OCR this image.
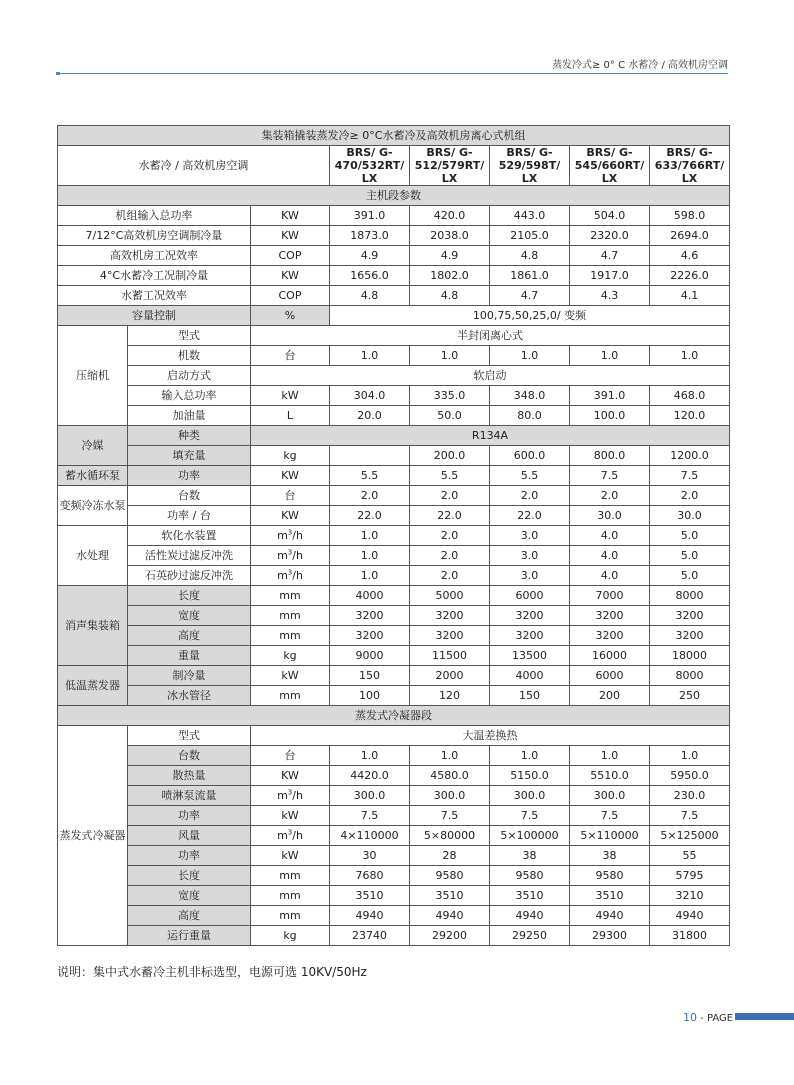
蒸发冷式≥ 0° C 水蓄冷 / 高效机房空调
集装箱撬装蒸发冷≥ 0°C水蓄冷及高效机房离心式机组							
水蓄冷 / 高效机房空调			BRS/ G-470/532RT/ LX	BRS/ G-512/579RT/ LX	BRS/ G-529/598T/ LX	BRS/ G-545/660RT/ LX	BRS/ G-633/766RT/ LX
主机段参数							
机组输入总功率		KW	391.0	420.0	443.0	504.0	598.0
7/12°C高效机房空调制冷量		KW	1873.0	2038.0	2105.0	2320.0	2694.0
高效机房工况效率		COP	4.9	4.9	4.8	4.7	4.6
4°C水蓄冷工况制冷量		KW	1656.0	1802.0	1861.0	1917.0	2226.0
水蓄工况效率		COP	4.8	4.8	4.7	4.3	4.1
容量控制		%	100,75,50,25,0/ 变频				
压缩机	型式	半封闭离心式					
	机数	台	1.0	1.0	1.0	1.0	1.0
	启动方式	软启动					
	输入总功率	kW	304.0	335.0	348.0	391.0	468.0
	加油量	L	20.0	50.0	80.0	100.0	120.0
冷媒	种类	R134A					
	填充量	kg		200.0	600.0	800.0	1200.0
蓄水循环泵	功率	KW	5.5	5.5	5.5	7.5	7.5
变频冷冻水泵	台数	台	2.0	2.0	2.0	2.0	2.0
	功率 / 台	KW	22.0	22.0	22.0	30.0	30.0
水处理	软化水装置	$m^3/h$	1.0	2.0	3.0	4.0	5.0
	活性炭过滤反冲洗	$m^3/h$	1.0	2.0	3.0	4.0	5.0
	石英砂过滤反冲洗	$m^3/h$	1.0	2.0	3.0	4.0	5.0
消声集装箱	长度	mm	4000	5000	6000	7000	8000
	宽度	mm	3200	3200	3200	3200	3200
	高度	mm	3200	3200	3200	3200	3200
	重量	kg	9000	11500	13500	16000	18000
低温蒸发器	制冷量	kW	150	2000	4000	6000	8000
	冰水管径	mm	100	120	150	200	250
蒸发式冷凝器段							
蒸发式冷凝器	型式	大温差换热					
	台数	台	1.0	1.0	1.0	1.0	1.0
	散热量	KW	4420.0	4580.0	5150.0	5510.0	5950.0
	喷淋泵流量	$m^3/h$	300.0	300.0	300.0	300.0	230.0
	功率	kW	7.5	7.5	7.5	7.5	7.5
	风量	$m^3/h$	4×110000	5×80000	5×100000	5×110000	5×125000
	功率	kW	30	28	38	38	55
	长度	mm	7680	9580	9580	9580	5795
	宽度	mm	3510	3510	3510	3510	3210
	高度	mm	4940	4940	4940	4940	4940
	运行重量	kg	23740	29200	29250	29300	31800
说明：集中式水蓄冷主机非标选型，电源可选 10KV/50Hz
10 - PAGE
